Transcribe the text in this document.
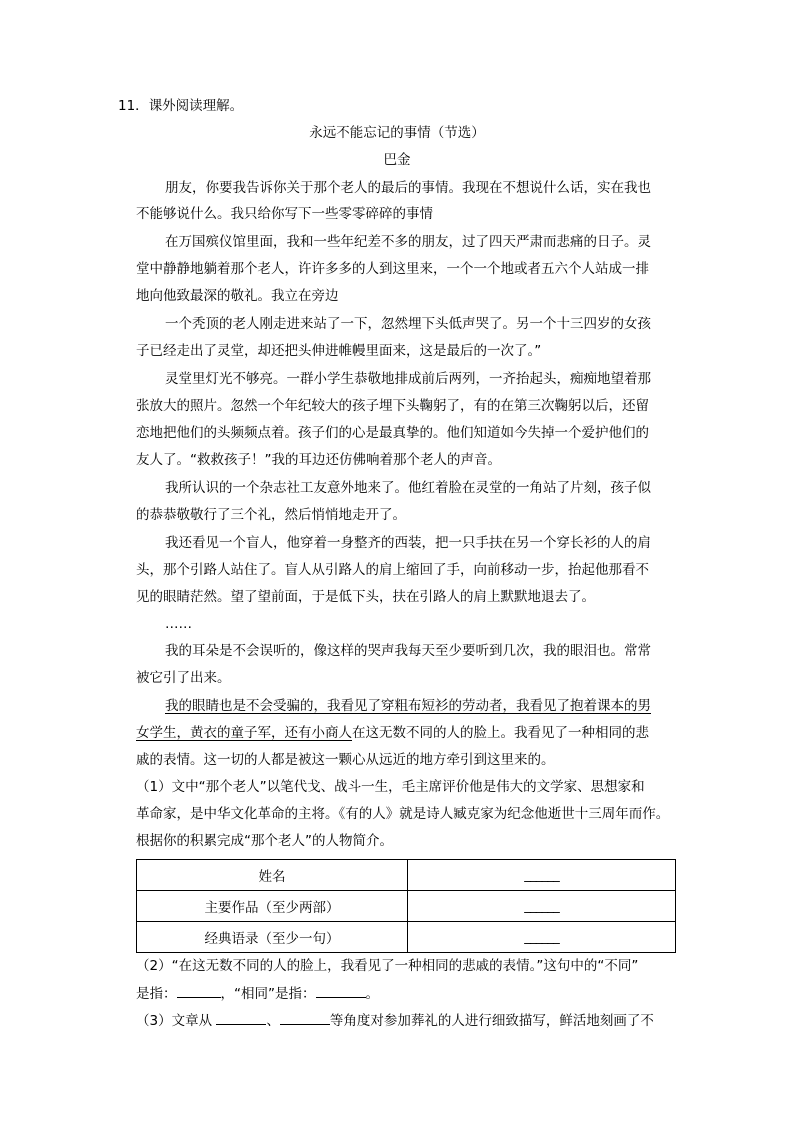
11．课外阅读理解。
永远不能忘记的事情（节选）
巴金
朋友，你要我告诉你关于那个老人的最后的事情。我现在不想说什么话，实在我也
不能够说什么。我只给你写下一些零零碎碎的事情
在万国殡仪馆里面，我和一些年纪差不多的朋友，过了四天严肃而悲痛的日子。灵
堂中静静地躺着那个老人，许许多多的人到这里来，一个一个地或者五六个人站成一排
地向他致最深的敬礼。我立在旁边
一个秃顶的老人刚走进来站了一下，忽然埋下头低声哭了。另一个十三四岁的女孩
子已经走出了灵堂，却还把头伸进帷幔里面来，这是最后的一次了。”
灵堂里灯光不够亮。一群小学生恭敬地排成前后两列，一齐抬起头，痴痴地望着那
张放大的照片。忽然一个年纪较大的孩子埋下头鞠躬了，有的在第三次鞠躬以后，还留
恋地把他们的头频频点着。孩子们的心是最真挚的。他们知道如今失掉一个爱护他们的
友人了。“救救孩子！”我的耳边还仿佛响着那个老人的声音。
我所认识的一个杂志社工友意外地来了。他红着脸在灵堂的一角站了片刻，孩子似
的恭恭敬敬行了三个礼，然后悄悄地走开了。
我还看见一个盲人，他穿着一身整齐的西装，把一只手扶在另一个穿长衫的人的肩
头，那个引路人站住了。盲人从引路人的肩上缩回了手，向前移动一步，抬起他那看不
见的眼睛茫然。望了望前面，于是低下头，扶在引路人的肩上默默地退去了。
……
我的耳朵是不会误听的，像这样的哭声我每天至少要听到几次，我的眼泪也。常常
被它引了出来。
我的眼睛也是不会受骗的，我看见了穿粗布短衫的劳动者，我看见了抱着课本的男
女学生，黄衣的童子军，还有小商人在这无数不同的人的脸上。我看见了一种相同的悲
戚的表情。这一切的人都是被这一颗心从远近的地方牵引到这里来的。
（1）文中“那个老人”以笔代戈、战斗一生，毛主席评价他是伟大的文学家、思想家和
革命家，是中华文化革命的主将。《有的人》就是诗人臧克家为纪念他逝世十三周年而作。
根据你的积累完成“那个老人”的人物简介。
姓名	______
主要作品（至少两部）	______
经典语录（至少一句）	______
（2）“在这无数不同的人的脸上，我看见了一种相同的悲戚的表情。”这句中的“不同”
是指：	，“相同”是指：	。
（3）文章从	、	等角度对参加葬礼的人进行细致描写，鲜活地刻画了不
